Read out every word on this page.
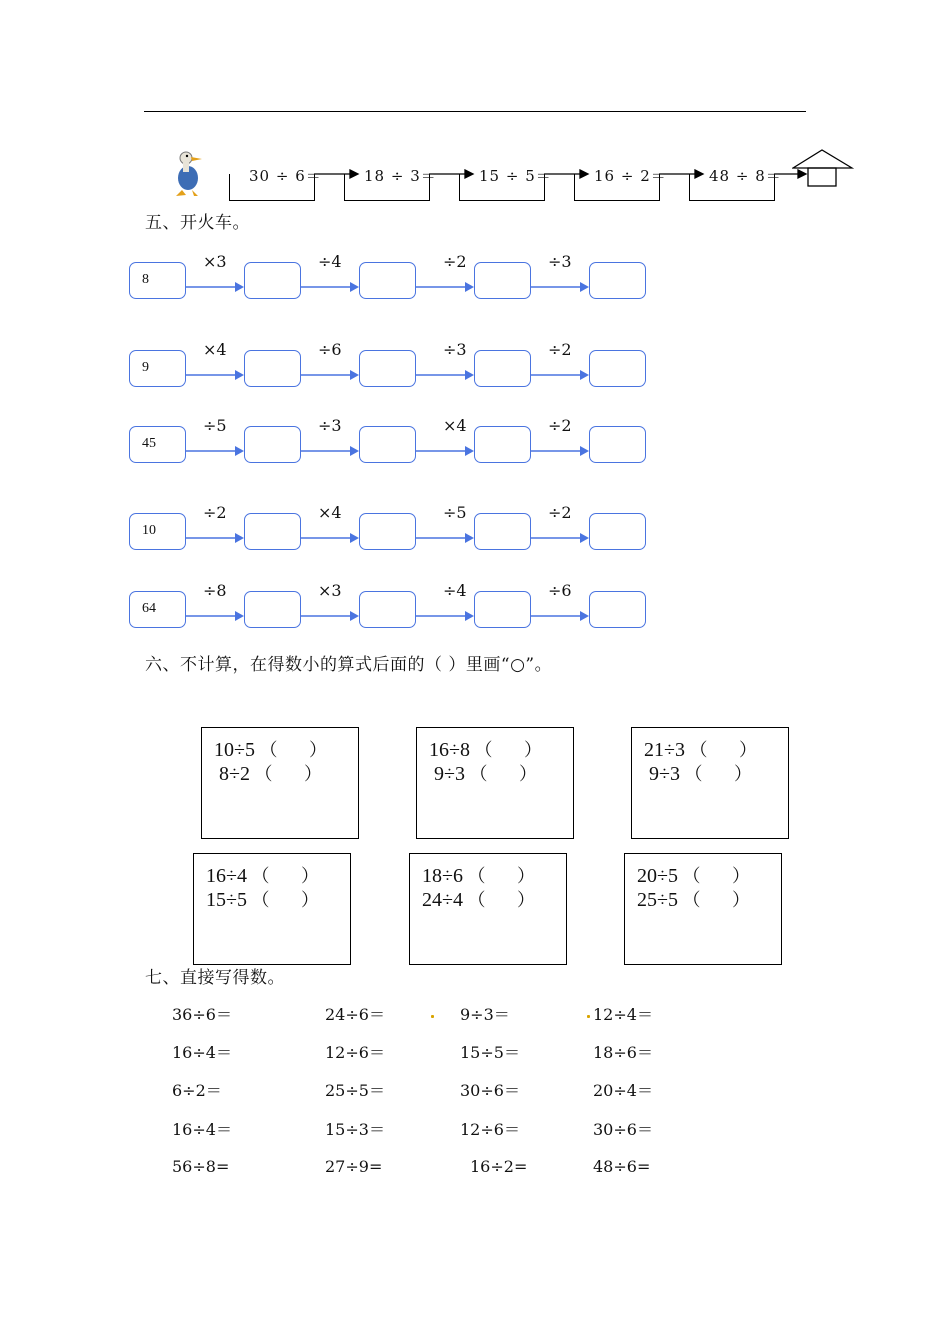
30 ÷ 6＝	18 ÷ 3＝	15 ÷ 5＝	16 ÷ 2＝	48 ÷ 8＝
五、开火车。
8
×3	÷4	÷2	÷3
9
×4	÷6	÷3	÷2
45
÷5	÷3	×4	÷2
10
÷2	×4	÷5	÷2
64
÷8	×3	÷4	÷6
六、不计算，在得数小的算式后面的（ ）里画“○”。
10÷5 （       ）
8÷2 （       ）
16÷8 （       ）
9÷3 （       ）
21÷3 （       ）
9÷3 （       ）
16÷4 （       ）
15÷5 （       ）
18÷6 （       ）
24÷4 （       ）
20÷5 （       ）
25÷5 （       ）
七、直接写得数。
36÷6＝	24÷6＝	9÷3＝	12÷4＝
16÷4＝	12÷6＝	15÷5＝	18÷6＝
6÷2＝	25÷5＝	30÷6＝	20÷4＝
16÷4＝	15÷3＝	12÷6＝	30÷6＝
56÷8=	27÷9=	16÷2=	48÷6=
